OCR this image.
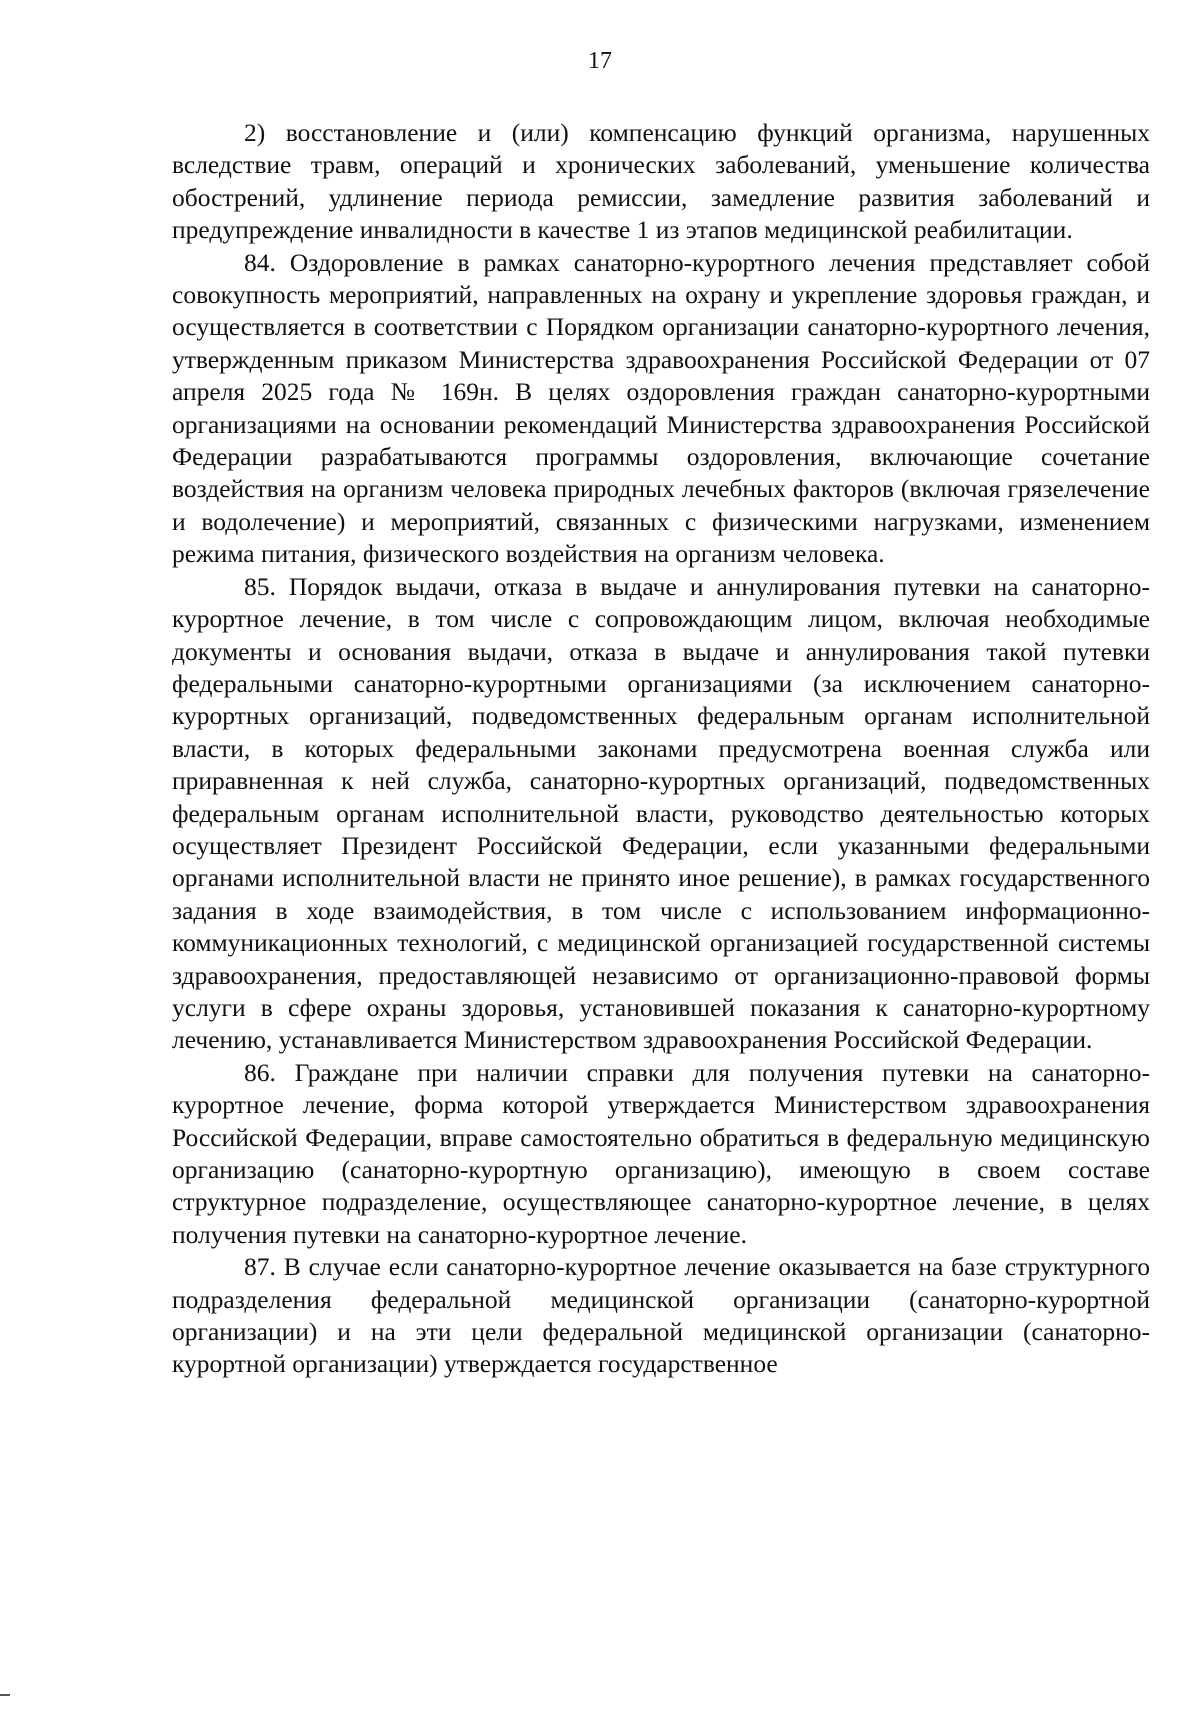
17

2) восстановление и (или) компенсацию функций организма, нарушенных вследствие травм, операций и хронических заболеваний, уменьшение количества обострений, удлинение периода ремиссии, замедление развития заболеваний и предупреждение инвалидности в качестве 1 из этапов медицинской реабилитации.

84. Оздоровление в рамках санаторно-курортного лечения представляет собой совокупность мероприятий, направленных на охрану и укрепление здоровья граждан, и осуществляется в соответствии с Порядком организации санаторно-курортного лечения, утвержденным приказом Министерства здравоохранения Российской Федерации от 07 апреля 2025 года № 169н. В целях оздоровления граждан санаторно-курортными организациями на основании рекомендаций Министерства здравоохранения Российской Федерации разрабатываются программы оздоровления, включающие сочетание воздействия на организм человека природных лечебных факторов (включая грязелечение и водолечение) и мероприятий, связанных с физическими нагрузками, изменением режима питания, физического воздействия на организм человека.

85. Порядок выдачи, отказа в выдаче и аннулирования путевки на санаторно-курортное лечение, в том числе с сопровождающим лицом, включая необходимые документы и основания выдачи, отказа в выдаче и аннулирования такой путевки федеральными санаторно-курортными организациями (за исключением санаторно-курортных организаций, подведомственных федеральным органам исполнительной власти, в которых федеральными законами предусмотрена военная служба или приравненная к ней служба, санаторно-курортных организаций, подведомственных федеральным органам исполнительной власти, руководство деятельностью которых осуществляет Президент Российской Федерации, если указанными федеральными органами исполнительной власти не принято иное решение), в рамках государственного задания в ходе взаимодействия, в том числе с использованием информационно-коммуникационных технологий, с медицинской организацией государственной системы здравоохранения, предоставляющей независимо от организационно-правовой формы услуги в сфере охраны здоровья, установившей показания к санаторно-курортному лечению, устанавливается Министерством здравоохранения Российской Федерации.

86. Граждане при наличии справки для получения путевки на санаторно-курортное лечение, форма которой утверждается Министерством здравоохранения Российской Федерации, вправе самостоятельно обратиться в федеральную медицинскую организацию (санаторно-курортную организацию), имеющую в своем составе структурное подразделение, осуществляющее санаторно-курортное лечение, в целях получения путевки на санаторно-курортное лечение.

87. В случае если санаторно-курортное лечение оказывается на базе структурного подразделения федеральной медицинской организации (санаторно-курортной организации) и на эти цели федеральной медицинской организации (санаторно-курортной организации) утверждается государственное
